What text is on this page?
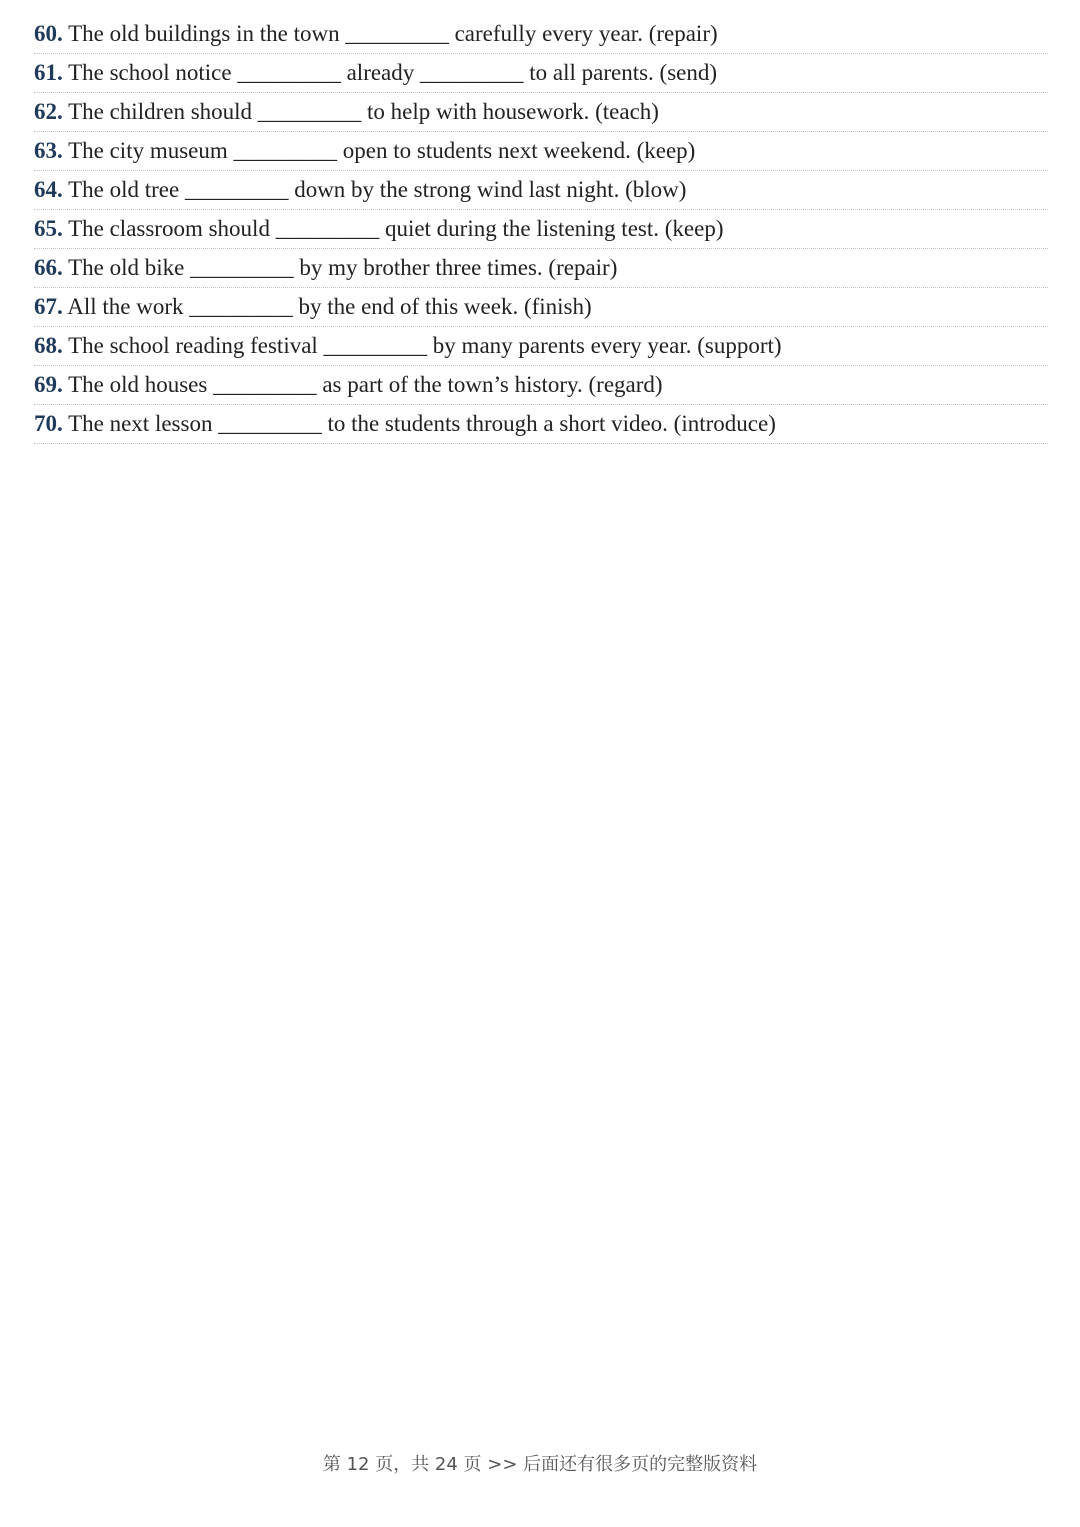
60. The old buildings in the town _________ carefully every year. (repair)
61. The school notice _________ already _________ to all parents. (send)
62. The children should _________ to help with housework. (teach)
63. The city museum _________ open to students next weekend. (keep)
64. The old tree _________ down by the strong wind last night. (blow)
65. The classroom should _________ quiet during the listening test. (keep)
66. The old bike _________ by my brother three times. (repair)
67. All the work _________ by the end of this week. (finish)
68. The school reading festival _________ by many parents every year. (support)
69. The old houses _________ as part of the town’s history. (regard)
70. The next lesson _________ to the students through a short video. (introduce)
第 12 页，共 24 页 >> 后面还有很多页的完整版资料
